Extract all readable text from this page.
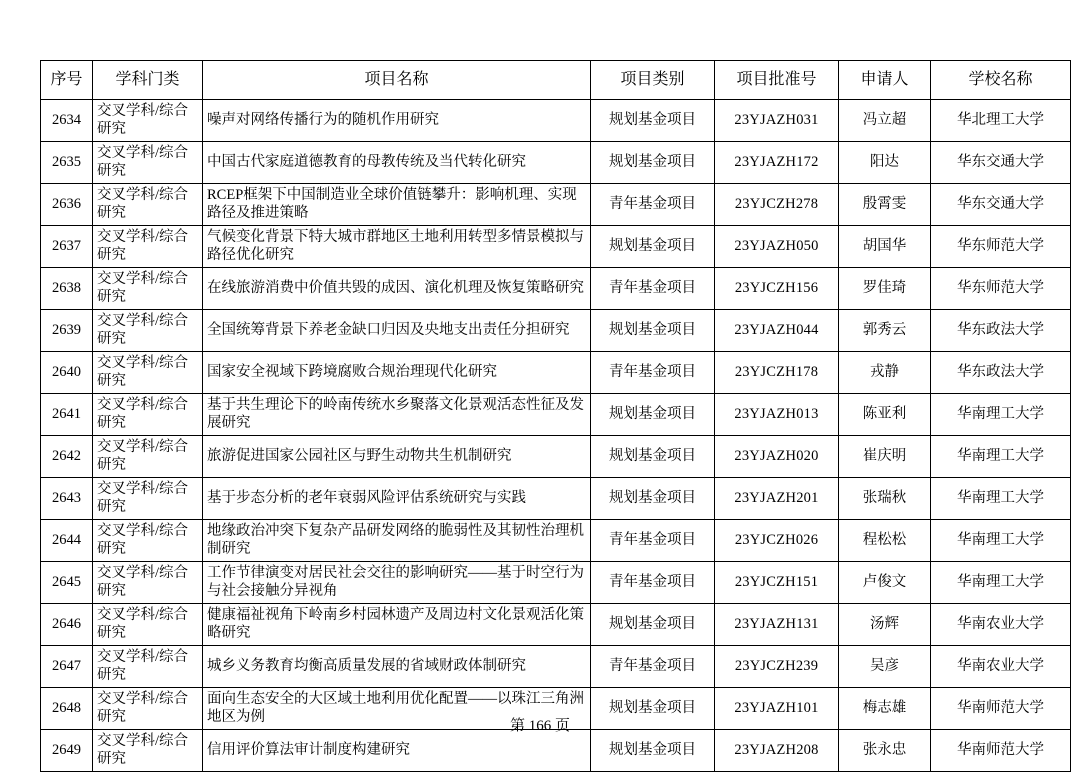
序号	学科门类	项目名称	项目类别	项目批准号	申请人	学校名称
2634	交叉学科/综合研究	噪声对网络传播行为的随机作用研究	规划基金项目	23YJAZH031	冯立超	华北理工大学
2635	交叉学科/综合研究	中国古代家庭道德教育的母教传统及当代转化研究	规划基金项目	23YJAZH172	阳达	华东交通大学
2636	交叉学科/综合研究	RCEP框架下中国制造业全球价值链攀升：影响机理、实现路径及推进策略	青年基金项目	23YJCZH278	殷霄雯	华东交通大学
2637	交叉学科/综合研究	气候变化背景下特大城市群地区土地利用转型多情景模拟与路径优化研究	规划基金项目	23YJAZH050	胡国华	华东师范大学
2638	交叉学科/综合研究	在线旅游消费中价值共毁的成因、演化机理及恢复策略研究	青年基金项目	23YJCZH156	罗佳琦	华东师范大学
2639	交叉学科/综合研究	全国统筹背景下养老金缺口归因及央地支出责任分担研究	规划基金项目	23YJAZH044	郭秀云	华东政法大学
2640	交叉学科/综合研究	国家安全视域下跨境腐败合规治理现代化研究	青年基金项目	23YJCZH178	戎静	华东政法大学
2641	交叉学科/综合研究	基于共生理论下的岭南传统水乡聚落文化景观活态性征及发展研究	规划基金项目	23YJAZH013	陈亚利	华南理工大学
2642	交叉学科/综合研究	旅游促进国家公园社区与野生动物共生机制研究	规划基金项目	23YJAZH020	崔庆明	华南理工大学
2643	交叉学科/综合研究	基于步态分析的老年衰弱风险评估系统研究与实践	规划基金项目	23YJAZH201	张瑞秋	华南理工大学
2644	交叉学科/综合研究	地缘政治冲突下复杂产品研发网络的脆弱性及其韧性治理机制研究	青年基金项目	23YJCZH026	程松松	华南理工大学
2645	交叉学科/综合研究	工作节律演变对居民社会交往的影响研究——基于时空行为与社会接触分异视角	青年基金项目	23YJCZH151	卢俊文	华南理工大学
2646	交叉学科/综合研究	健康福祉视角下岭南乡村园林遗产及周边村文化景观活化策略研究	规划基金项目	23YJAZH131	汤辉	华南农业大学
2647	交叉学科/综合研究	城乡义务教育均衡高质量发展的省域财政体制研究	青年基金项目	23YJCZH239	吴彦	华南农业大学
2648	交叉学科/综合研究	面向生态安全的大区域土地利用优化配置——以珠江三角洲地区为例	规划基金项目	23YJAZH101	梅志雄	华南师范大学
2649	交叉学科/综合研究	信用评价算法审计制度构建研究	规划基金项目	23YJAZH208	张永忠	华南师范大学
第 166 页
